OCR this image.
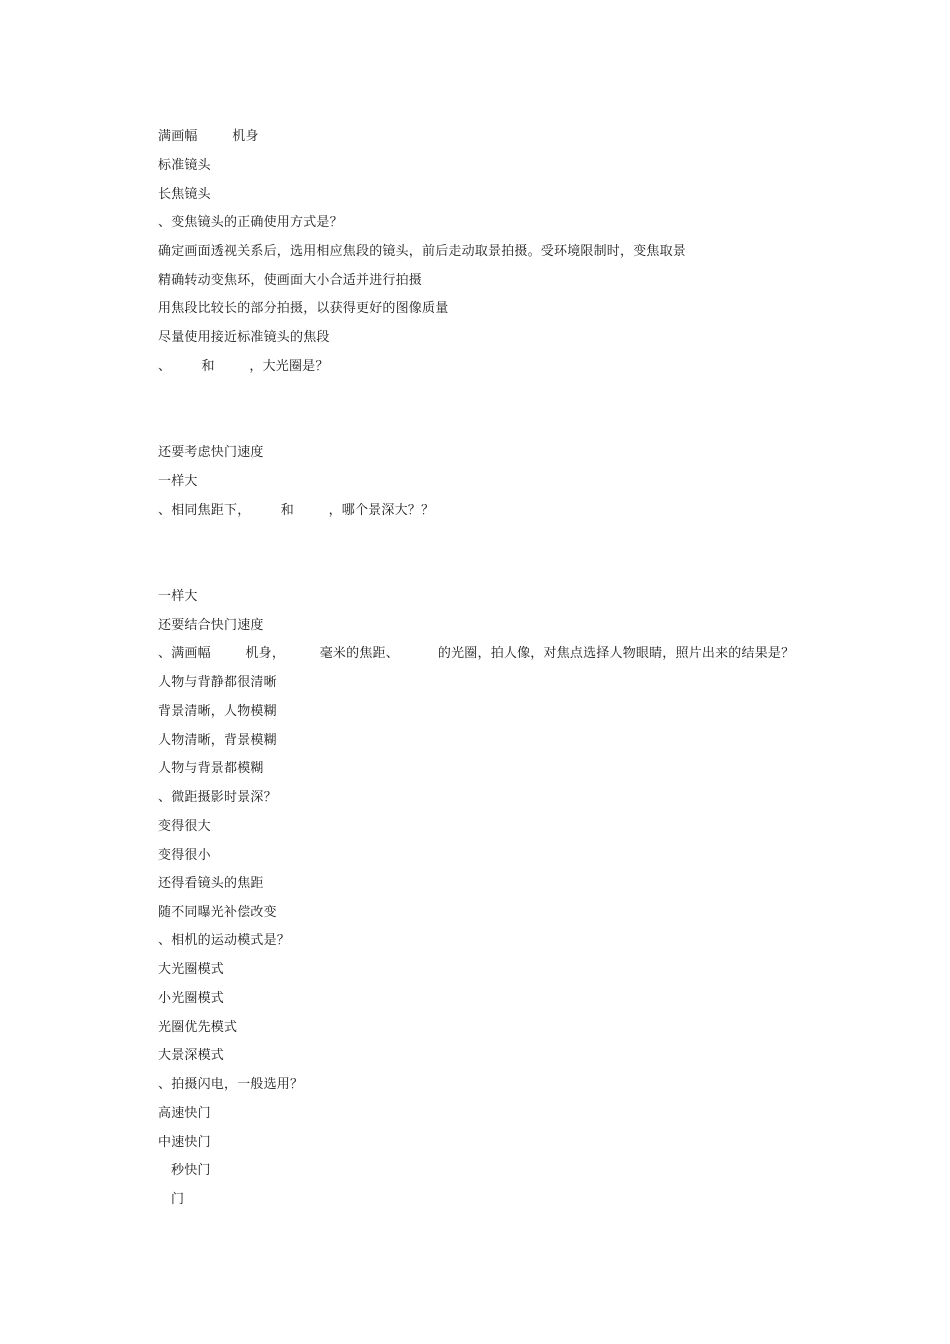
满画幅        机身
标准镜头
长焦镜头
、变焦镜头的正确使用方式是？
确定画面透视关系后，选用相应焦段的镜头，前后走动取景拍摄。受环境限制时，变焦取景
精确转动变焦环，使画面大小合适并进行拍摄
用焦段比较长的部分拍摄，以获得更好的图像质量
尽量使用接近标准镜头的焦段
、       和        ，大光圈是？
还要考虑快门速度
一样大
、相同焦距下，       和        ，哪个景深大？？
一样大
还要结合快门速度
、满画幅        机身，        毫米的焦距、         的光圈，拍人像，对焦点选择人物眼睛，照片出来的结果是？
人物与背静都很清晰
背景清晰，人物模糊
人物清晰，背景模糊
人物与背景都模糊
、微距摄影时景深？
变得很大
变得很小
还得看镜头的焦距
随不同曝光补偿改变
、相机的运动模式是？
大光圈模式
小光圈模式
光圈优先模式
大景深模式
、拍摄闪电，一般选用？
高速快门
中速快门
秒快门
门
